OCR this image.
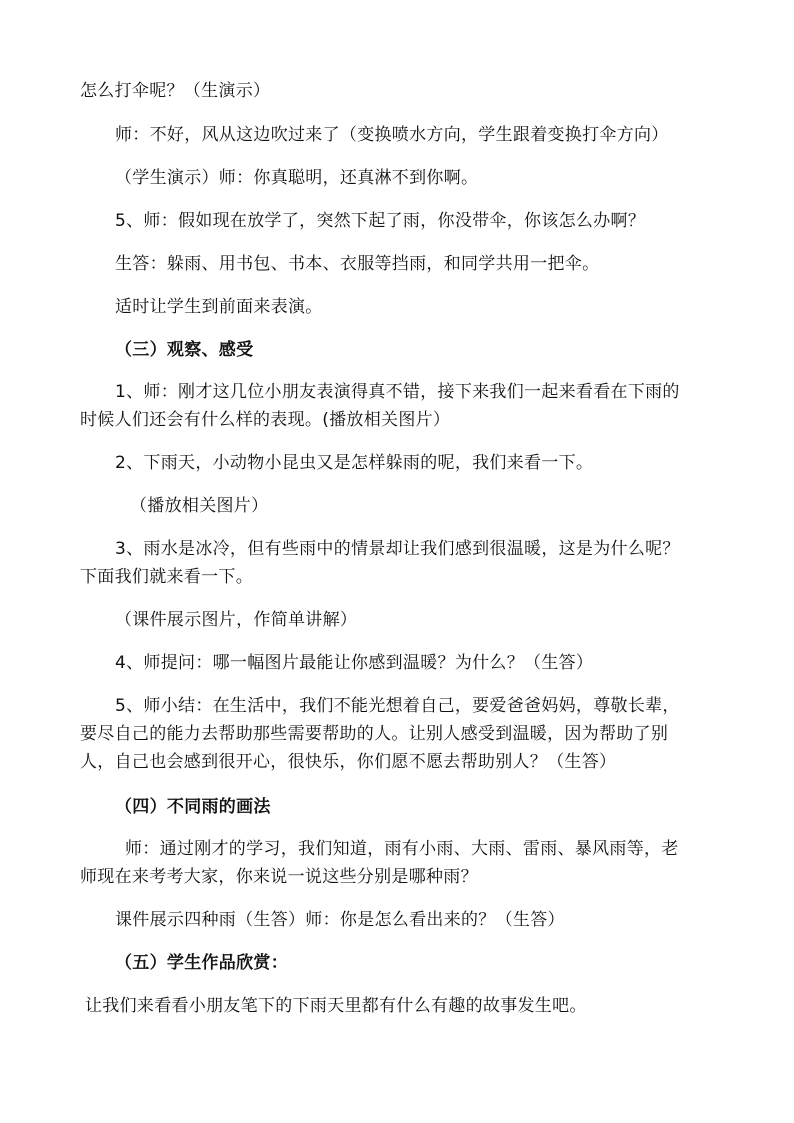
怎么打伞呢？（生演示）
师：不好，风从这边吹过来了（变换喷水方向，学生跟着变换打伞方向）
（学生演示）师：你真聪明，还真淋不到你啊。
5、师：假如现在放学了，突然下起了雨，你没带伞，你该怎么办啊？
生答：躲雨、用书包、书本、衣服等挡雨，和同学共用一把伞。
适时让学生到前面来表演。
（三）观察、感受
1、师：刚才这几位小朋友表演得真不错，接下来我们一起来看看在下雨的
时候人们还会有什么样的表现。(播放相关图片）
2、下雨天，小动物小昆虫又是怎样躲雨的呢，我们来看一下。
（播放相关图片）
3、雨水是冰冷，但有些雨中的情景却让我们感到很温暖，这是为什么呢？
下面我们就来看一下。
（课件展示图片，作简单讲解）
4、师提问：哪一幅图片最能让你感到温暖？为什么？（生答）
5、师小结：在生活中，我们不能光想着自己，要爱爸爸妈妈，尊敬长辈，
要尽自己的能力去帮助那些需要帮助的人。让别人感受到温暖，因为帮助了别
人，自己也会感到很开心，很快乐，你们愿不愿去帮助别人？（生答）
（四）不同雨的画法
师：通过刚才的学习，我们知道，雨有小雨、大雨、雷雨、暴风雨等，老
师现在来考考大家，你来说一说这些分别是哪种雨？
课件展示四种雨（生答）师：你是怎么看出来的？（生答）
（五）学生作品欣赏：
让我们来看看小朋友笔下的下雨天里都有什么有趣的故事发生吧。
